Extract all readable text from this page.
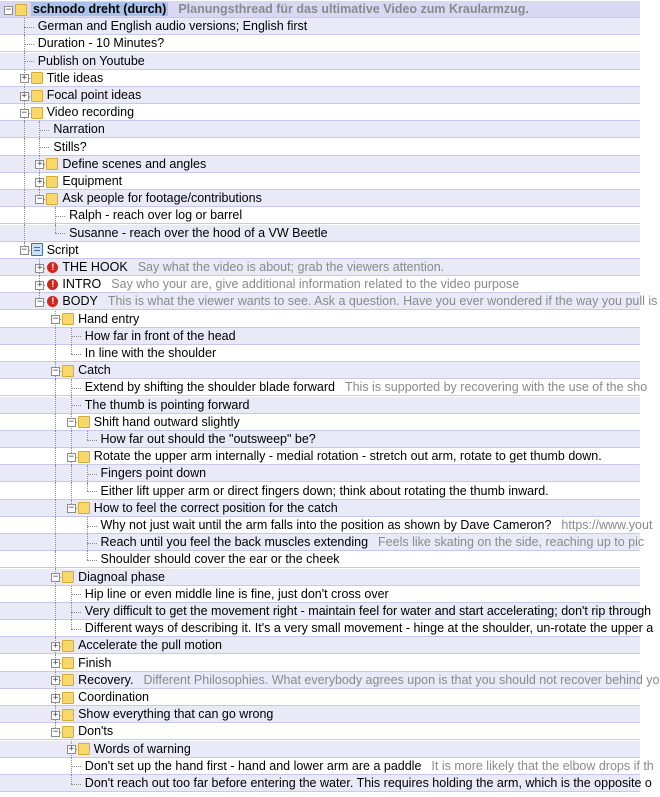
− schnodo dreht (durch) Planungsthread für das ultimative Video zum Kraularmzug.
German and English audio versions; English first
Duration - 10 Minutes?
Publish on Youtube
+ Title ideas
+ Focal point ideas
− Video recording
Narration
Stills?
+ Define scenes and angles
+ Equipment
− Ask people for footage/contributions
Ralph - reach over log or barrel
Susanne - reach over the hood of a VW Beetle
− Script
+ ! THE HOOK Say what the video is about; grab the viewers attention.
+ ! INTRO Say who your are, give additional information related to the video purpose
− ! BODY This is what the viewer wants to see. Ask a question. Have you ever wondered if the way you pull is
− Hand entry
How far in front of the head
In line with the shoulder
− Catch
Extend by shifting the shoulder blade forward This is supported by recovering with the use of the sho
The thumb is pointing forward
− Shift hand outward slightly
How far out should the "outsweep" be?
− Rotate the upper arm internally - medial rotation - stretch out arm, rotate to get thumb down.
Fingers point down
Either lift upper arm or direct fingers down; think about rotating the thumb inward.
− How to feel the correct position for the catch
Why not just wait until the arm falls into the position as shown by Dave Cameron? https://www.yout
Reach until you feel the back muscles extending Feels like skating on the side, reaching up to pic
Shoulder should cover the ear or the cheek
− Diagnoal phase
Hip line or even middle line is fine, just don't cross over
Very difficult to get the movement right - maintain feel for water and start accelerating; don't rip through
Different ways of describing it. It's a very small movement - hinge at the shoulder, un-rotate the upper a
+ Accelerate the pull motion
+ Finish
+ Recovery. Different Philosophies. What everybody agrees upon is that you should not recover behind yo
+ Coordination
+ Show everything that can go wrong
− Don'ts
+ Words of warning
Don't set up the hand first - hand and lower arm are a paddle It is more likely that the elbow drops if th
Don't reach out too far before entering the water. This requires holding the arm, which is the opposite o
